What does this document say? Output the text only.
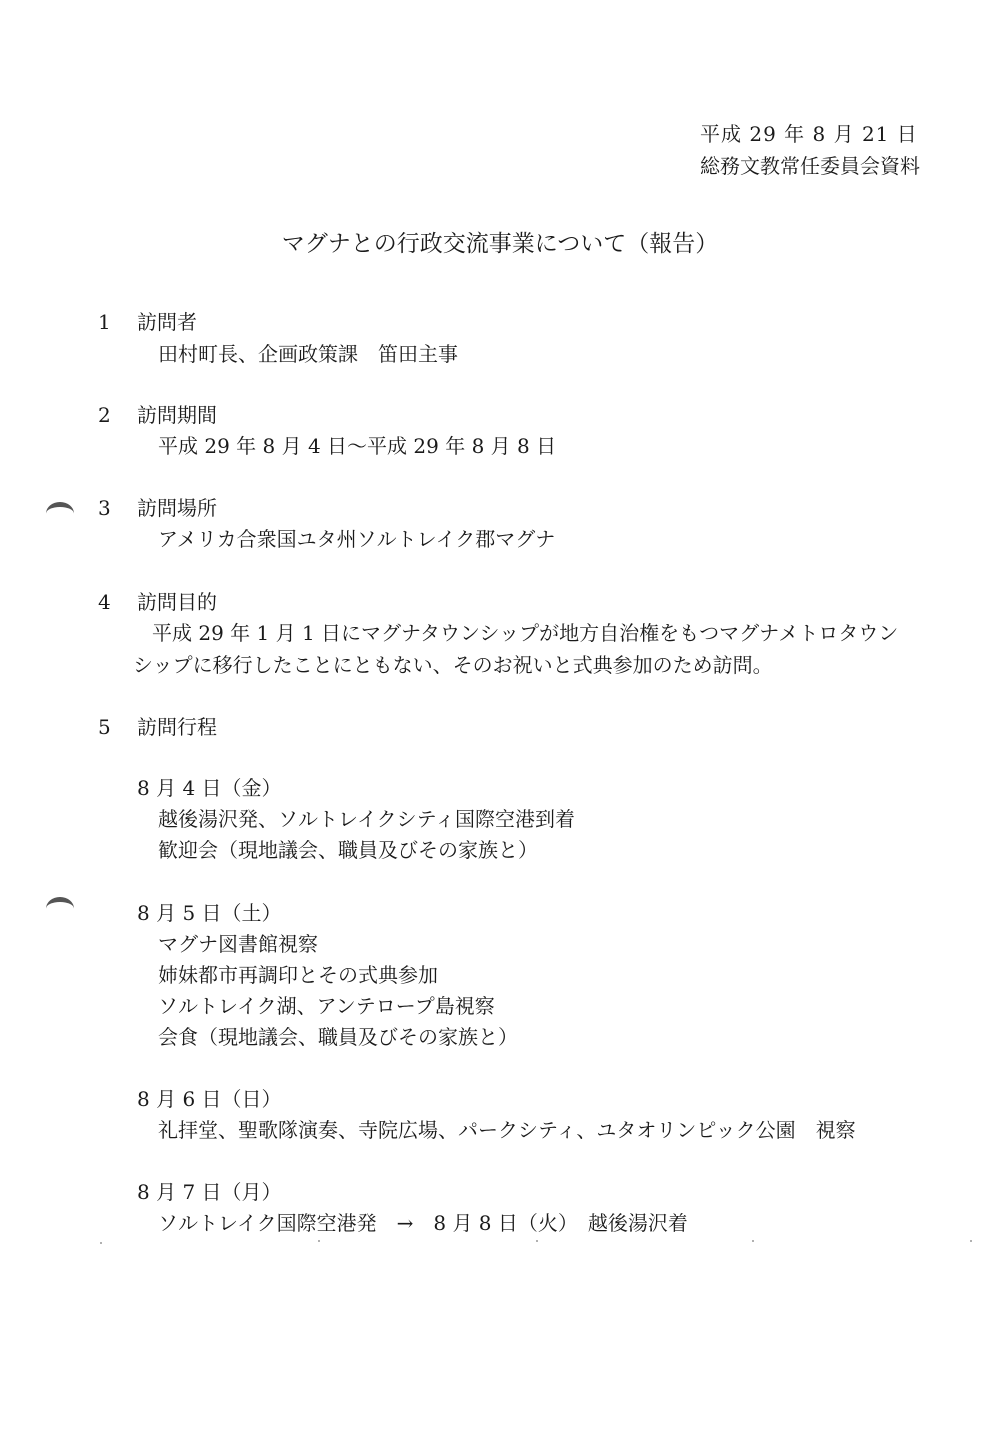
平成 29 年 8 月 21 日
総務文教常任委員会資料
マグナとの行政交流事業について（報告）
1 訪問者
田村町長、企画政策課　笛田主事
2 訪問期間
平成 29 年 8 月 4 日〜平成 29 年 8 月 8 日
3 訪問場所
アメリカ合衆国ユタ州ソルトレイク郡マグナ
4 訪問目的
平成 29 年 1 月 1 日にマグナタウンシップが地方自治権をもつマグナメトロタウン
シップに移行したことにともない、そのお祝いと式典参加のため訪問。
5 訪問行程
8 月 4 日（金）
越後湯沢発、ソルトレイクシティ国際空港到着
歓迎会（現地議会、職員及びその家族と）
8 月 5 日（土）
マグナ図書館視察
姉妹都市再調印とその式典参加
ソルトレイク湖、アンテロープ島視察
会食（現地議会、職員及びその家族と）
8 月 6 日（日）
礼拝堂、聖歌隊演奏、寺院広場、パークシティ、ユタオリンピック公園　視察
8 月 7 日（月）
ソルトレイク国際空港発　→　8 月 8 日（火）　越後湯沢着
